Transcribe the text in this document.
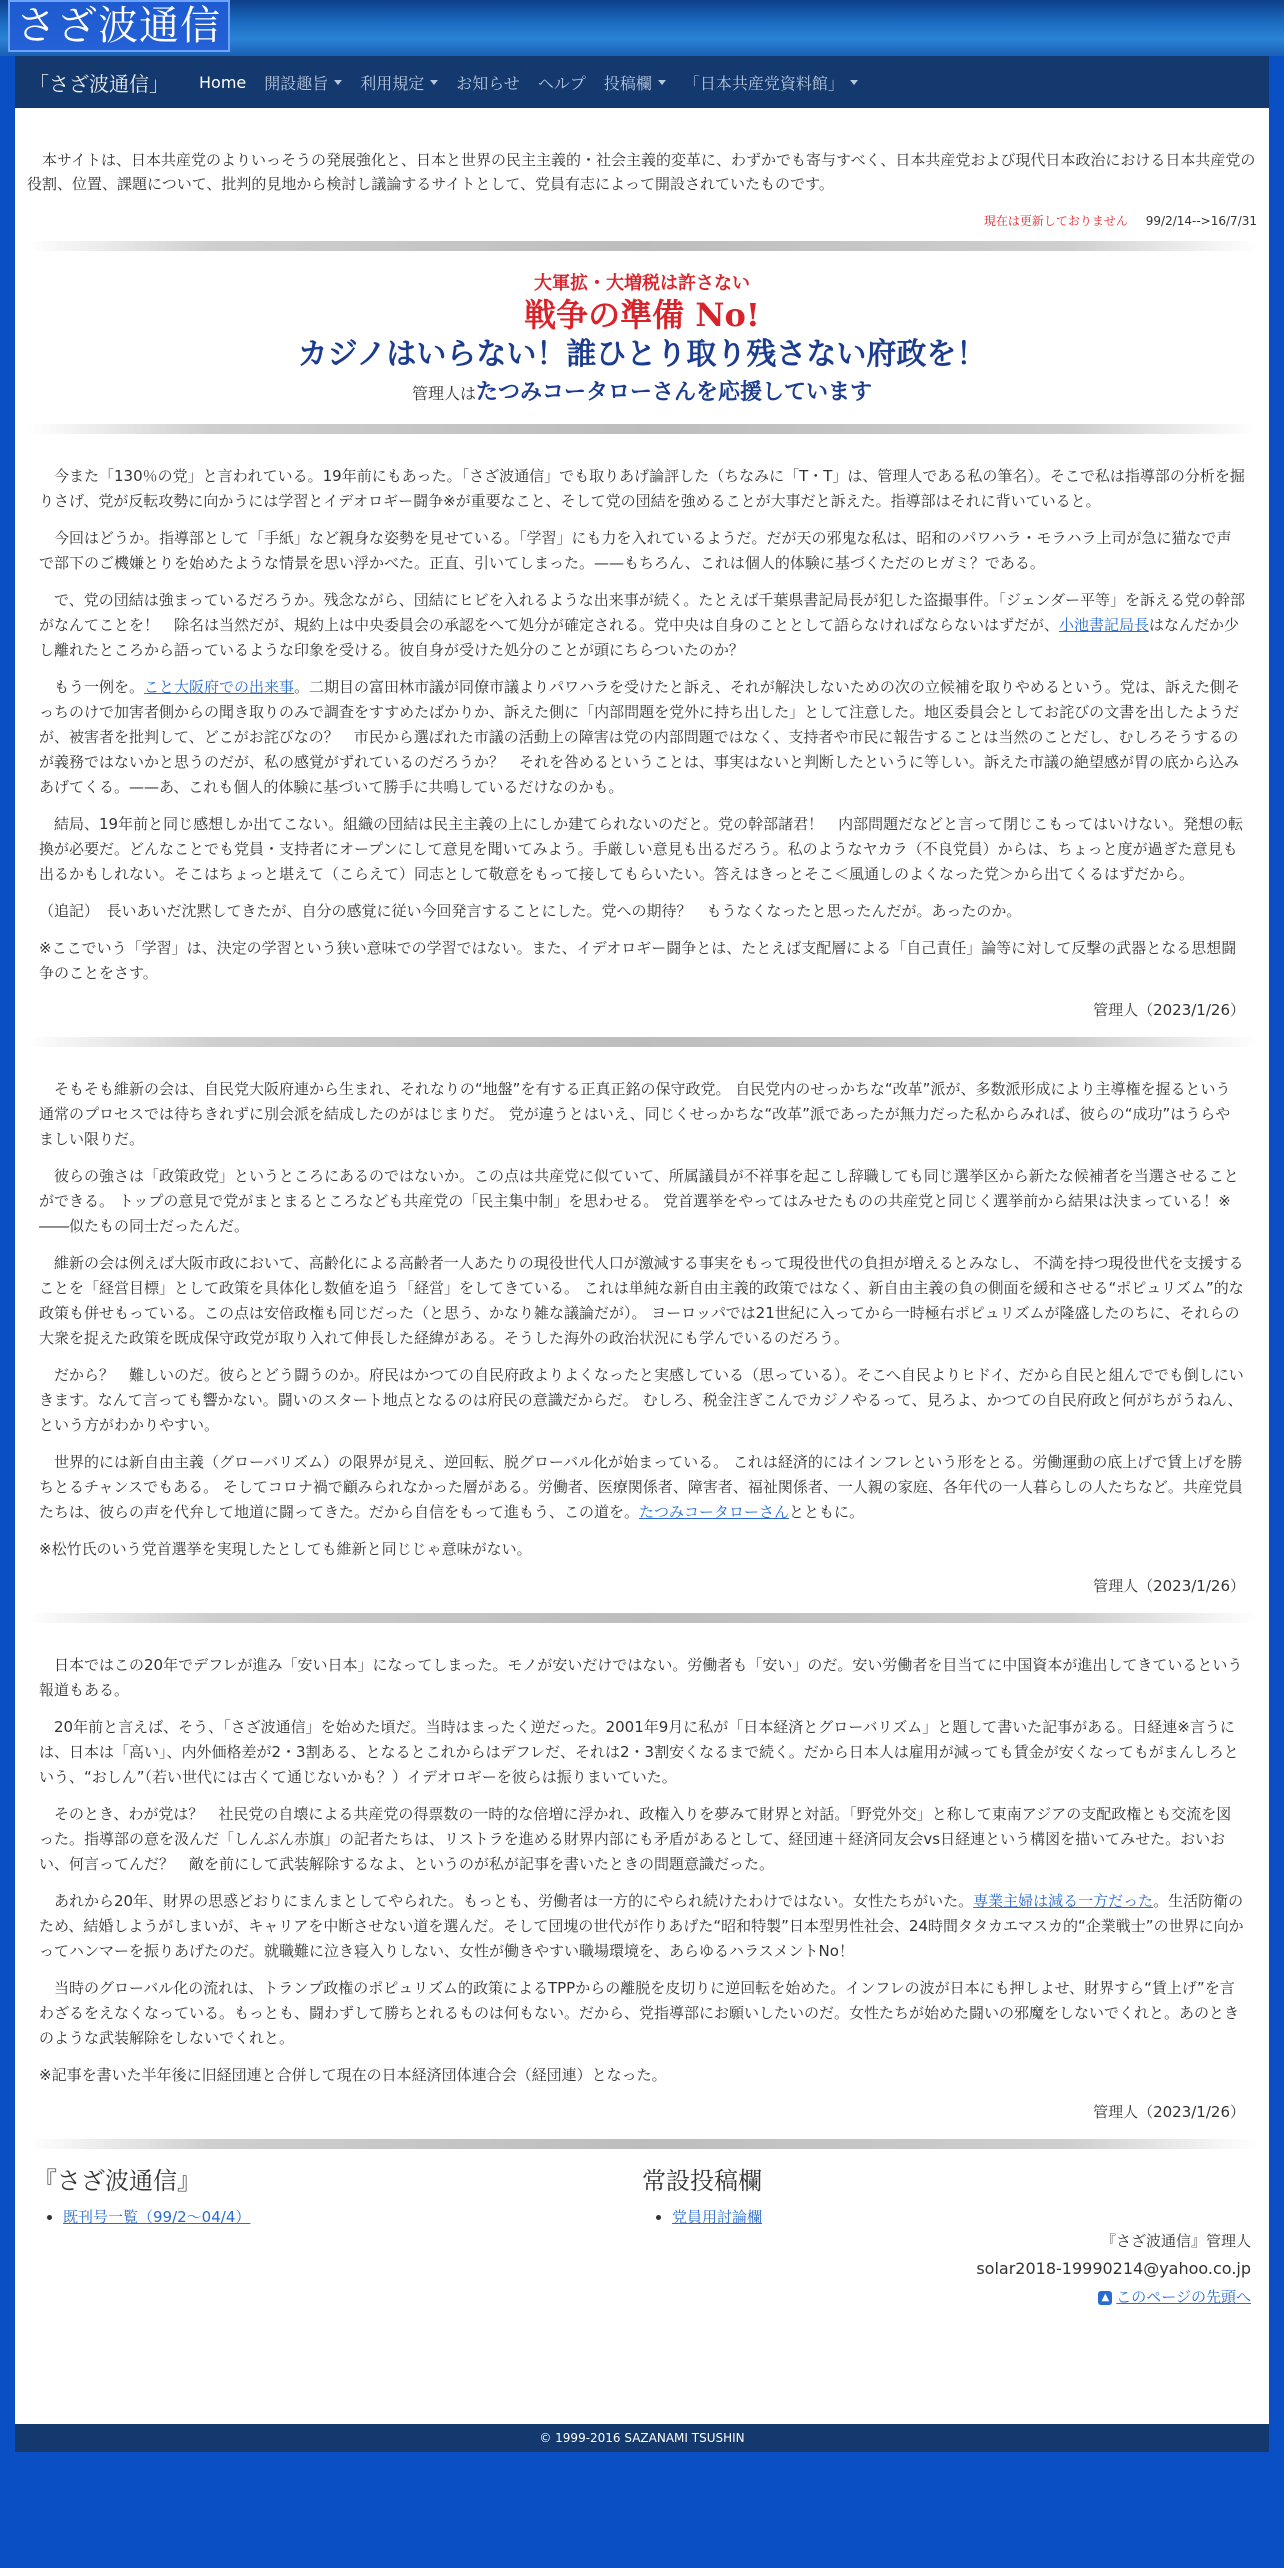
さざ波通信
「さざ波通信」 Home 開設趣旨 利用規定 お知らせ ヘルプ 投稿欄 「日本共産党資料館」

本サイトは、日本共産党のよりいっそうの発展強化と、日本と世界の民主主義的・社会主義的変革に、わずかでも寄与すべく、日本共産党および現代日本政治における日本共産党の役割、位置、課題について、批判的見地から検討し議論するサイトとして、党員有志によって開設されていたものです。

現在は更新しておりません 99/2/14-->16/7/31
大軍拡・大増税は許さない
戦争の準備 No!
カジノはいらない！誰ひとり取り残さない府政を！
管理人はたつみコータローさんを応援しています

今また「130％の党」と言われている。19年前にもあった。「さざ波通信」でも取りあげ論評した（ちなみに「T・T」は、管理人である私の筆名）。そこで私は指導部の分析を掘りさげ、党が反転攻勢に向かうには学習とイデオロギー闘争※が重要なこと、そして党の団結を強めることが大事だと訴えた。指導部はそれに背いていると。

今回はどうか。指導部として「手紙」など親身な姿勢を見せている。「学習」にも力を入れているようだ。だが天の邪鬼な私は、昭和のパワハラ・モラハラ上司が急に猫なで声で部下のご機嫌とりを始めたような情景を思い浮かべた。正直、引いてしまった。——もちろん、これは個人的体験に基づくただのヒガミ？である。

で、党の団結は強まっているだろうか。残念ながら、団結にヒビを入れるような出来事が続く。たとえば千葉県書記局長が犯した盗撮事件。「ジェンダー平等」を訴える党の幹部がなんてことを！　除名は当然だが、規約上は中央委員会の承認をへて処分が確定される。党中央は自身のこととして語らなければならないはずだが、小池書記局長はなんだか少し離れたところから語っているような印象を受ける。彼自身が受けた処分のことが頭にちらついたのか？

もう一例を。こと大阪府での出来事。二期目の富田林市議が同僚市議よりパワハラを受けたと訴え、それが解決しないための次の立候補を取りやめるという。党は、訴えた側そっちのけで加害者側からの聞き取りのみで調査をすすめたばかりか、訴えた側に「内部問題を党外に持ち出した」として注意した。地区委員会としてお詫びの文書を出したようだが、被害者を批判して、どこがお詫びなの？　市民から選ばれた市議の活動上の障害は党の内部問題ではなく、支持者や市民に報告することは当然のことだし、むしろそうするのが義務ではないかと思うのだが、私の感覚がずれているのだろうか？　それを咎めるということは、事実はないと判断したというに等しい。訴えた市議の絶望感が胃の底から込みあげてくる。——あ、これも個人的体験に基づいて勝手に共鳴しているだけなのかも。

結局、19年前と同じ感想しか出てこない。組織の団結は民主主義の上にしか建てられないのだと。党の幹部諸君！　内部問題だなどと言って閉じこもってはいけない。発想の転換が必要だ。どんなことでも党員・支持者にオープンにして意見を聞いてみよう。手厳しい意見も出るだろう。私のようなヤカラ（不良党員）からは、ちょっと度が過ぎた意見も出るかもしれない。そこはちょっと堪えて（こらえて）同志として敬意をもって接してもらいたい。答えはきっとそこ＜風通しのよくなった党＞から出てくるはずだから。

（追記）　長いあいだ沈黙してきたが、自分の感覚に従い今回発言することにした。党への期待？　もうなくなったと思ったんだが。あったのか。

※ここでいう「学習」は、決定の学習という狭い意味での学習ではない。また、イデオロギー闘争とは、たとえば支配層による「自己責任」論等に対して反撃の武器となる思想闘争のことをさす。

管理人（2023/1/26）

そもそも維新の会は、自民党大阪府連から生まれ、それなりの“地盤”を有する正真正銘の保守政党。 自民党内のせっかちな“改革”派が、多数派形成により主導権を握るという通常のプロセスでは待ちきれずに別会派を結成したのがはじまりだ。 党が違うとはいえ、同じくせっかちな“改革”派であったが無力だった私からみれば、彼らの“成功”はうらやましい限りだ。

彼らの強さは「政策政党」というところにあるのではないか。この点は共産党に似ていて、所属議員が不祥事を起こし辞職しても同じ選挙区から新たな候補者を当選させることができる。 トップの意見で党がまとまるところなども共産党の「民主集中制」を思わせる。 党首選挙をやってはみせたものの共産党と同じく選挙前から結果は決まっている！※　――似たもの同士だったんだ。

維新の会は例えば大阪市政において、高齢化による高齢者一人あたりの現役世代人口が激減する事実をもって現役世代の負担が増えるとみなし、 不満を持つ現役世代を支援することを「経営目標」として政策を具体化し数値を追う「経営」をしてきている。 これは単純な新自由主義的政策ではなく、新自由主義の負の側面を緩和させる“ポピュリズム”的な政策も併せもっている。この点は安倍政権も同じだった（と思う、かなり雑な議論だが）。 ヨーロッパでは21世紀に入ってから一時極右ポピュリズムが隆盛したのちに、それらの大衆を捉えた政策を既成保守政党が取り入れて伸長した経緯がある。そうした海外の政治状況にも学んでいるのだろう。

だから？　難しいのだ。彼らとどう闘うのか。府民はかつての自民府政よりよくなったと実感している（思っている）。そこへ自民よりヒドイ、だから自民と組んででも倒しにいきます。なんて言っても響かない。闘いのスタート地点となるのは府民の意識だからだ。 むしろ、税金注ぎこんでカジノやるって、見ろよ、かつての自民府政と何がちがうねん、という方がわかりやすい。

世界的には新自由主義（グローバリズム）の限界が見え、逆回転、脱グローバル化が始まっている。 これは経済的にはインフレという形をとる。労働運動の底上げで賃上げを勝ちとるチャンスでもある。 そしてコロナ禍で顧みられなかった層がある。労働者、医療関係者、障害者、福祉関係者、一人親の家庭、各年代の一人暮らしの人たちなど。共産党員たちは、彼らの声を代弁して地道に闘ってきた。だから自信をもって進もう、この道を。たつみコータローさんとともに。

※松竹氏のいう党首選挙を実現したとしても維新と同じじゃ意味がない。

管理人（2023/1/26）

日本ではこの20年でデフレが進み「安い日本」になってしまった。モノが安いだけではない。労働者も「安い」のだ。安い労働者を目当てに中国資本が進出してきているという報道もある。

20年前と言えば、そう、「さざ波通信」を始めた頃だ。当時はまったく逆だった。2001年9月に私が「日本経済とグローバリズム」と題して書いた記事がある。日経連※言うには、日本は「高い」、内外価格差が2・3割ある、となるとこれからはデフレだ、それは2・3割安くなるまで続く。だから日本人は雇用が減っても賃金が安くなってもがまんしろという、“おしん”（若い世代には古くて通じないかも？）イデオロギーを彼らは振りまいていた。

そのとき、わが党は？　社民党の自壊による共産党の得票数の一時的な倍増に浮かれ、政権入りを夢みて財界と対話。「野党外交」と称して東南アジアの支配政権とも交流を図った。指導部の意を汲んだ「しんぶん赤旗」の記者たちは、リストラを進める財界内部にも矛盾があるとして、経団連＋経済同友会vs日経連という構図を描いてみせた。おいおい、何言ってんだ？　敵を前にして武装解除するなよ、というのが私が記事を書いたときの問題意識だった。

あれから20年、財界の思惑どおりにまんまとしてやられた。もっとも、労働者は一方的にやられ続けたわけではない。女性たちがいた。専業主婦は減る一方だった。生活防衛のため、結婚しようがしまいが、キャリアを中断させない道を選んだ。そして団塊の世代が作りあげた“昭和特製”日本型男性社会、24時間タタカエマスカ的“企業戦士”の世界に向かってハンマーを振りあげたのだ。就職難に泣き寝入りしない、女性が働きやすい職場環境を、あらゆるハラスメントNo！

当時のグローバル化の流れは、トランプ政権のポピュリズム的政策によるTPPからの離脱を皮切りに逆回転を始めた。インフレの波が日本にも押しよせ、財界すら“賃上げ”を言わざるをえなくなっている。もっとも、闘わずして勝ちとれるものは何もない。だから、党指導部にお願いしたいのだ。女性たちが始めた闘いの邪魔をしないでくれと。あのときのような武装解除をしないでくれと。

※記事を書いた半年後に旧経団連と合併して現在の日本経済団体連合会（経団連）となった。

管理人（2023/1/26）

『さざ波通信』
• 既刊号一覧（99/2～04/4）
常設投稿欄
• 党員用討論欄
『さざ波通信』管理人
solar2018-19990214@yahoo.co.jp
▲ このページの先頭へ
© 1999-2016 SAZANAMI TSUSHIN
